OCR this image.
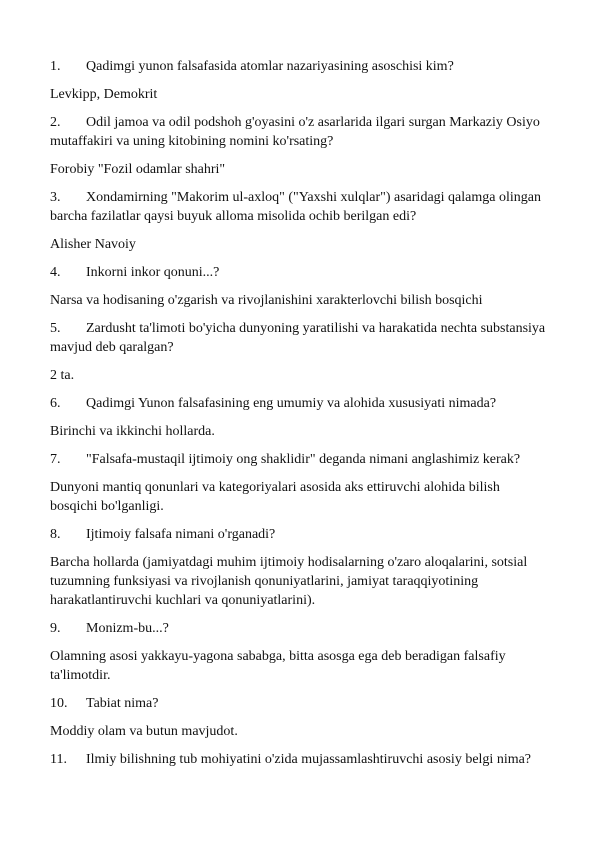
1. Qadimgi yunon falsafasida atomlar nazariyasining asoschisi kim?
Levkipp, Demokrit
2. Odil jamoa va odil podshoh g'oyasini o'z asarlarida ilgari surgan Markaziy Osiyo mutaffakiri va uning kitobining nomini ko'rsating?
Forobiy "Fozil odamlar shahri"
3. Xondamirning "Makorim ul-axloq" ("Yaxshi xulqlar") asaridagi qalamga olingan barcha fazilatlar qaysi buyuk alloma misolida ochib berilgan edi?
Alisher Navoiy
4. Inkorni inkor qonuni...?
Narsa va hodisaning o'zgarish va rivojlanishini xarakterlovchi bilish bosqichi
5. Zardusht ta'limoti bo'yicha dunyoning yaratilishi va harakatida nechta substansiya mavjud deb qaralgan?
2 ta.
6. Qadimgi Yunon falsafasining eng umumiy va alohida xususiyati nimada?
Birinchi va ikkinchi hollarda.
7. "Falsafa-mustaqil ijtimoiy ong shaklidir" deganda nimani anglashimiz kerak?
Dunyoni mantiq qonunlari va kategoriyalari asosida aks ettiruvchi alohida bilish bosqichi bo'lganligi.
8. Ijtimoiy falsafa nimani o'rganadi?
Barcha hollarda (jamiyatdagi muhim ijtimoiy hodisalarning o'zaro aloqalarini, sotsial tuzumning funksiyasi va rivojlanish qonuniyatlarini, jamiyat taraqqiyotining harakatlantiruvchi kuchlari va qonuniyatlarini).
9. Monizm-bu...?
Olamning asosi yakkayu-yagona sababga, bitta asosga ega deb beradigan falsafiy ta'limotdir.
10. Tabiat nima?
Moddiy olam va butun mavjudot.
11. Ilmiy bilishning tub mohiyatini o'zida mujassamlashtiruvchi asosiy belgi nima?
